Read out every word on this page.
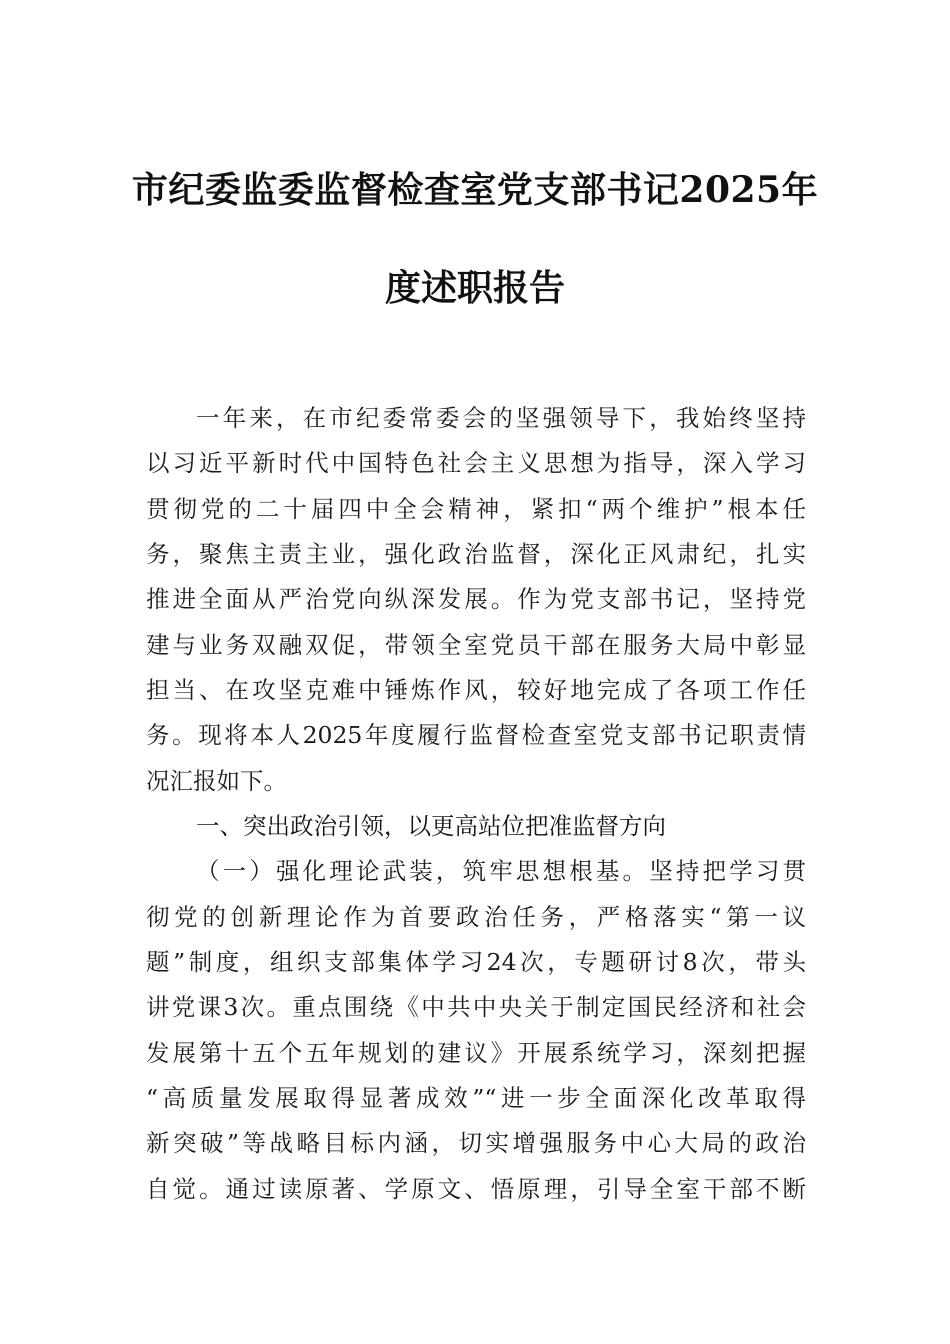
市纪委监委监督检查室党支部书记2025年
度述职报告
一年来，在市纪委常委会的坚强领导下，我始终坚持
以习近平新时代中国特色社会主义思想为指导，深入学习
贯彻党的二十届四中全会精神，紧扣“两个维护”根本任
务，聚焦主责主业，强化政治监督，深化正风肃纪，扎实
推进全面从严治党向纵深发展。作为党支部书记，坚持党
建与业务双融双促，带领全室党员干部在服务大局中彰显
担当、在攻坚克难中锤炼作风，较好地完成了各项工作任
务。现将本人2025年度履行监督检查室党支部书记职责情
况汇报如下。
一、突出政治引领，以更高站位把准监督方向
（一）强化理论武装，筑牢思想根基。坚持把学习贯
彻党的创新理论作为首要政治任务，严格落实“第一议
题”制度，组织支部集体学习24次，专题研讨8次，带头
讲党课3次。重点围绕《中共中央关于制定国民经济和社会
发展第十五个五年规划的建议》开展系统学习，深刻把握
“高质量发展取得显著成效”“进一步全面深化改革取得
新突破”等战略目标内涵，切实增强服务中心大局的政治
自觉。通过读原著、学原文、悟原理，引导全室干部不断
